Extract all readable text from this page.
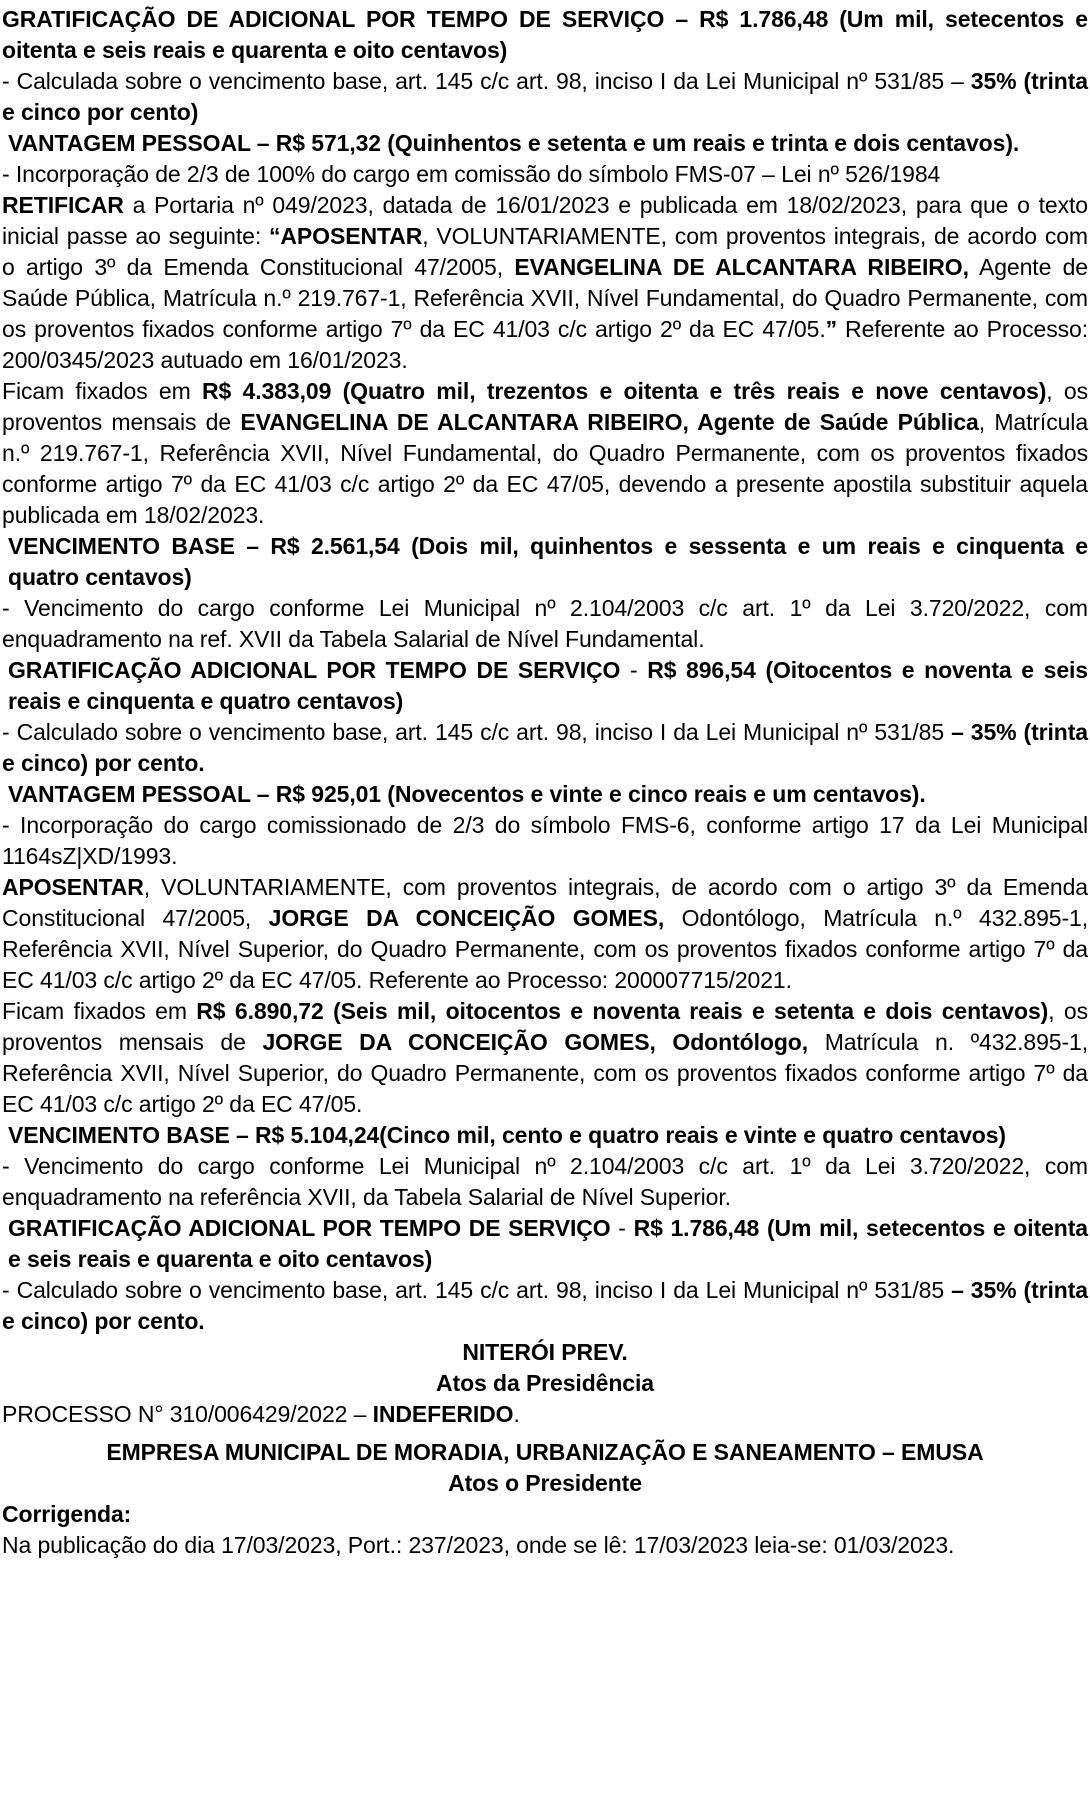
GRATIFICAÇÃO DE ADICIONAL POR TEMPO DE SERVIÇO – R$ 1.786,48 (Um mil, setecentos e oitenta e seis reais e quarenta e oito centavos)

- Calculada sobre o vencimento base, art. 145 c/c art. 98, inciso I da Lei Municipal nº 531/85 – 35% (trinta e cinco por cento)

VANTAGEM PESSOAL – R$ 571,32 (Quinhentos e setenta e um reais e trinta e dois centavos).

- Incorporação de 2/3 de 100% do cargo em comissão do símbolo FMS-07 – Lei nº 526/1984

RETIFICAR a Portaria nº 049/2023, datada de 16/01/2023 e publicada em 18/02/2023, para que o texto inicial passe ao seguinte: “APOSENTAR, VOLUNTARIAMENTE, com proventos integrais, de acordo com o artigo 3º da Emenda Constitucional 47/2005, EVANGELINA DE ALCANTARA RIBEIRO, Agente de Saúde Pública, Matrícula n.º 219.767-1, Referência XVII, Nível Fundamental, do Quadro Permanente, com os proventos fixados conforme artigo 7º da EC 41/03 c/c artigo 2º da EC 47/05.” Referente ao Processo: 200/0345/2023 autuado em 16/01/2023.

Ficam fixados em R$ 4.383,09 (Quatro mil, trezentos e oitenta e três reais e nove centavos), os proventos mensais de EVANGELINA DE ALCANTARA RIBEIRO, Agente de Saúde Pública, Matrícula n.º 219.767-1, Referência XVII, Nível Fundamental, do Quadro Permanente, com os proventos fixados conforme artigo 7º da EC 41/03 c/c artigo 2º da EC 47/05, devendo a presente apostila substituir aquela publicada em 18/02/2023.

VENCIMENTO BASE – R$ 2.561,54 (Dois mil, quinhentos e sessenta e um reais e cinquenta e quatro centavos)

- Vencimento do cargo conforme Lei Municipal nº 2.104/2003 c/c art. 1º da Lei 3.720/2022, com enquadramento na ref. XVII da Tabela Salarial de Nível Fundamental.

GRATIFICAÇÃO ADICIONAL POR TEMPO DE SERVIÇO - R$ 896,54 (Oitocentos e noventa e seis reais e cinquenta e quatro centavos)

- Calculado sobre o vencimento base, art. 145 c/c art. 98, inciso I da Lei Municipal nº 531/85 – 35% (trinta e cinco) por cento.

VANTAGEM PESSOAL – R$ 925,01 (Novecentos e vinte e cinco reais e um centavos).

- Incorporação do cargo comissionado de 2/3 do símbolo FMS-6, conforme artigo 17 da Lei Municipal 1164sZ|XD/1993.

APOSENTAR, VOLUNTARIAMENTE, com proventos integrais, de acordo com o artigo 3º da Emenda Constitucional 47/2005, JORGE DA CONCEIÇÃO GOMES, Odontólogo, Matrícula n.º 432.895-1, Referência XVII, Nível Superior, do Quadro Permanente, com os proventos fixados conforme artigo 7º da EC 41/03 c/c artigo 2º da EC 47/05. Referente ao Processo: 200007715/2021.

Ficam fixados em R$ 6.890,72 (Seis mil, oitocentos e noventa reais e setenta e dois centavos), os proventos mensais de JORGE DA CONCEIÇÃO GOMES, Odontólogo, Matrícula n. º432.895-1, Referência XVII, Nível Superior, do Quadro Permanente, com os proventos fixados conforme artigo 7º da EC 41/03 c/c artigo 2º da EC 47/05.

VENCIMENTO BASE – R$ 5.104,24(Cinco mil, cento e quatro reais e vinte e quatro centavos)

- Vencimento do cargo conforme Lei Municipal nº 2.104/2003 c/c art. 1º da Lei 3.720/2022, com enquadramento na referência XVII, da Tabela Salarial de Nível Superior.

GRATIFICAÇÃO ADICIONAL POR TEMPO DE SERVIÇO - R$ 1.786,48 (Um mil, setecentos e oitenta e seis reais e quarenta e oito centavos)

- Calculado sobre o vencimento base, art. 145 c/c art. 98, inciso I da Lei Municipal nº 531/85 – 35% (trinta e cinco) por cento.

NITERÓI PREV.
Atos da Presidência

PROCESSO N° 310/006429/2022 – INDEFERIDO.

EMPRESA MUNICIPAL DE MORADIA, URBANIZAÇÃO E SANEAMENTO – EMUSA
Atos o Presidente

Corrigenda:

Na publicação do dia 17/03/2023, Port.: 237/2023, onde se lê: 17/03/2023 leia-se: 01/03/2023.
